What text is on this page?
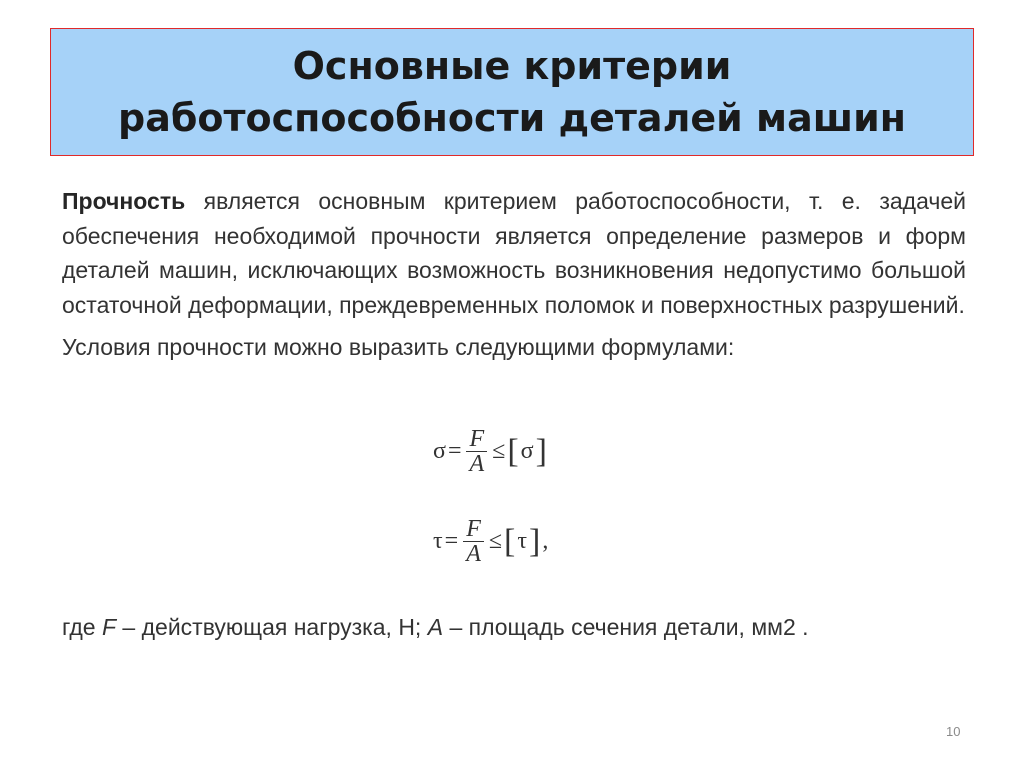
Основные критерии
работоспособности деталей машин

Прочность является основным критерием работоспособности, т. е. задачей обеспечения необходимой прочности является определение размеров и форм деталей машин, исключающих возможность возникновения недопустимо большой остаточной деформации, преждевременных поломок и поверхностных разрушений.

Условия прочности можно выразить следующими формулами:

$\sigma = \frac{F}{A}$ ≤ [ σ ]
$\tau = \frac{F}{A}$ ≤ [ τ ] ,
где F – действующая нагрузка, Н; A – площадь сечения детали, мм2 .
10
